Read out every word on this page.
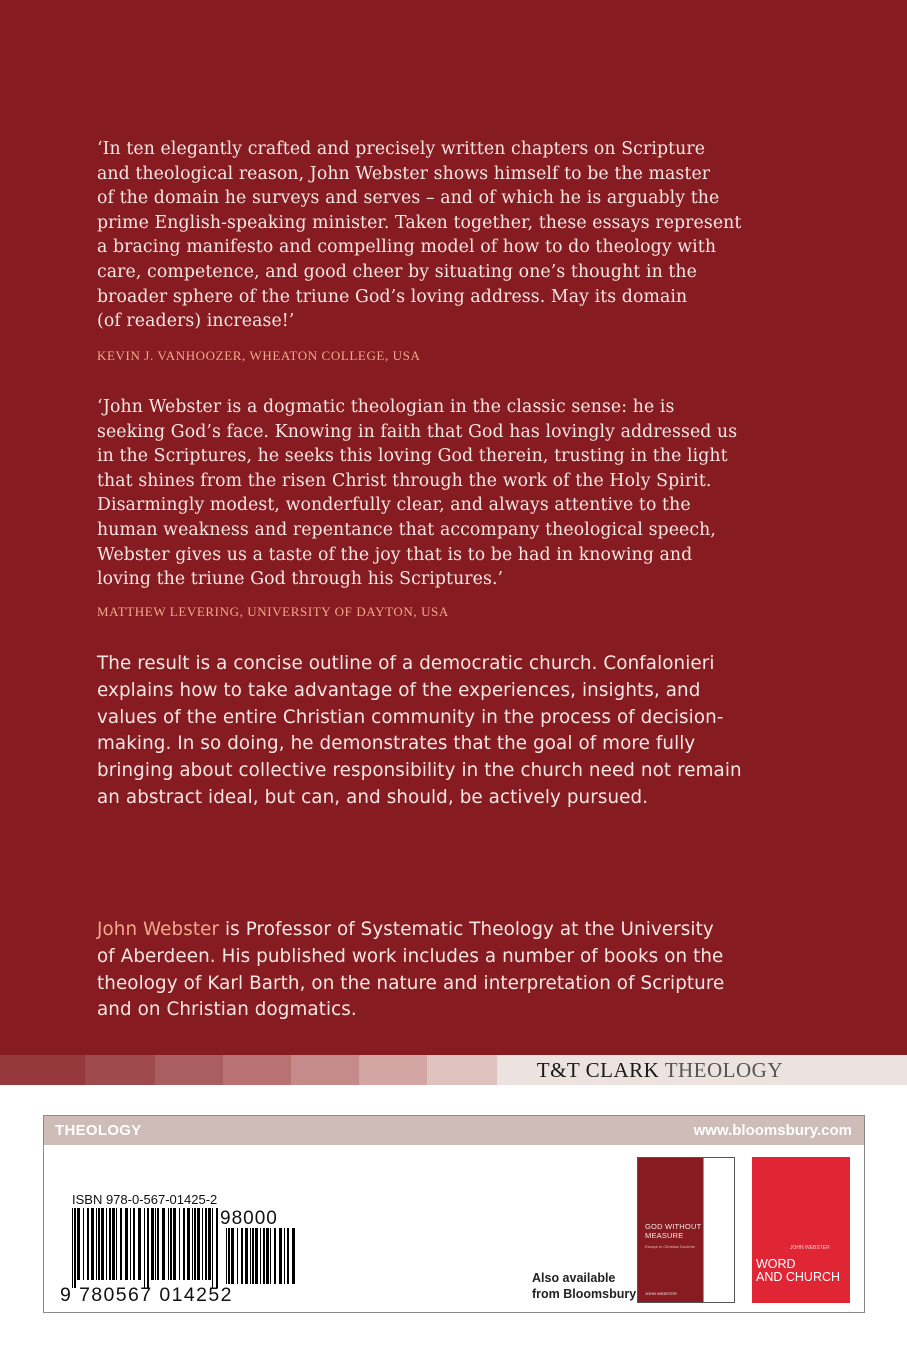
‘In ten elegantly crafted and precisely written chapters on Scripture
and theological reason, John Webster shows himself to be the master
of the domain he surveys and serves – and of which he is arguably the
prime English-speaking minister. Taken together, these essays represent
a bracing manifesto and compelling model of how to do theology with
care, competence, and good cheer by situating one’s thought in the
broader sphere of the triune God’s loving address. May its domain
(of readers) increase!’

KEVIN J. VANHOOZER, WHEATON COLLEGE, USA

‘John Webster is a dogmatic theologian in the classic sense: he is
seeking God’s face. Knowing in faith that God has lovingly addressed us
in the Scriptures, he seeks this loving God therein, trusting in the light
that shines from the risen Christ through the work of the Holy Spirit.
Disarmingly modest, wonderfully clear, and always attentive to the
human weakness and repentance that accompany theological speech,
Webster gives us a taste of the joy that is to be had in knowing and
loving the triune God through his Scriptures.’

MATTHEW LEVERING, UNIVERSITY OF DAYTON, USA

The result is a concise outline of a democratic church. Confalonieri
explains how to take advantage of the experiences, insights, and
values of the entire Christian community in the process of decision-
making. In so doing, he demonstrates that the goal of more fully
bringing about collective responsibility in the church need not remain
an abstract ideal, but can, and should, be actively pursued.

John Webster is Professor of Systematic Theology at the University
of Aberdeen. His published work includes a number of books on the
theology of Karl Barth, on the nature and interpretation of Scripture
and on Christian dogmatics.

T&T CLARK THEOLOGY
THEOLOGY	www.bloomsbury.com

ISBN 978-0-567-01425-2

98000
9 780567 014252

Also available
from Bloomsbury

GOD WITHOUT
MEASURE
Essays in Christian Doctrine
JOHN WEBSTER
JOHN WEBSTER
WORD
AND CHURCH
